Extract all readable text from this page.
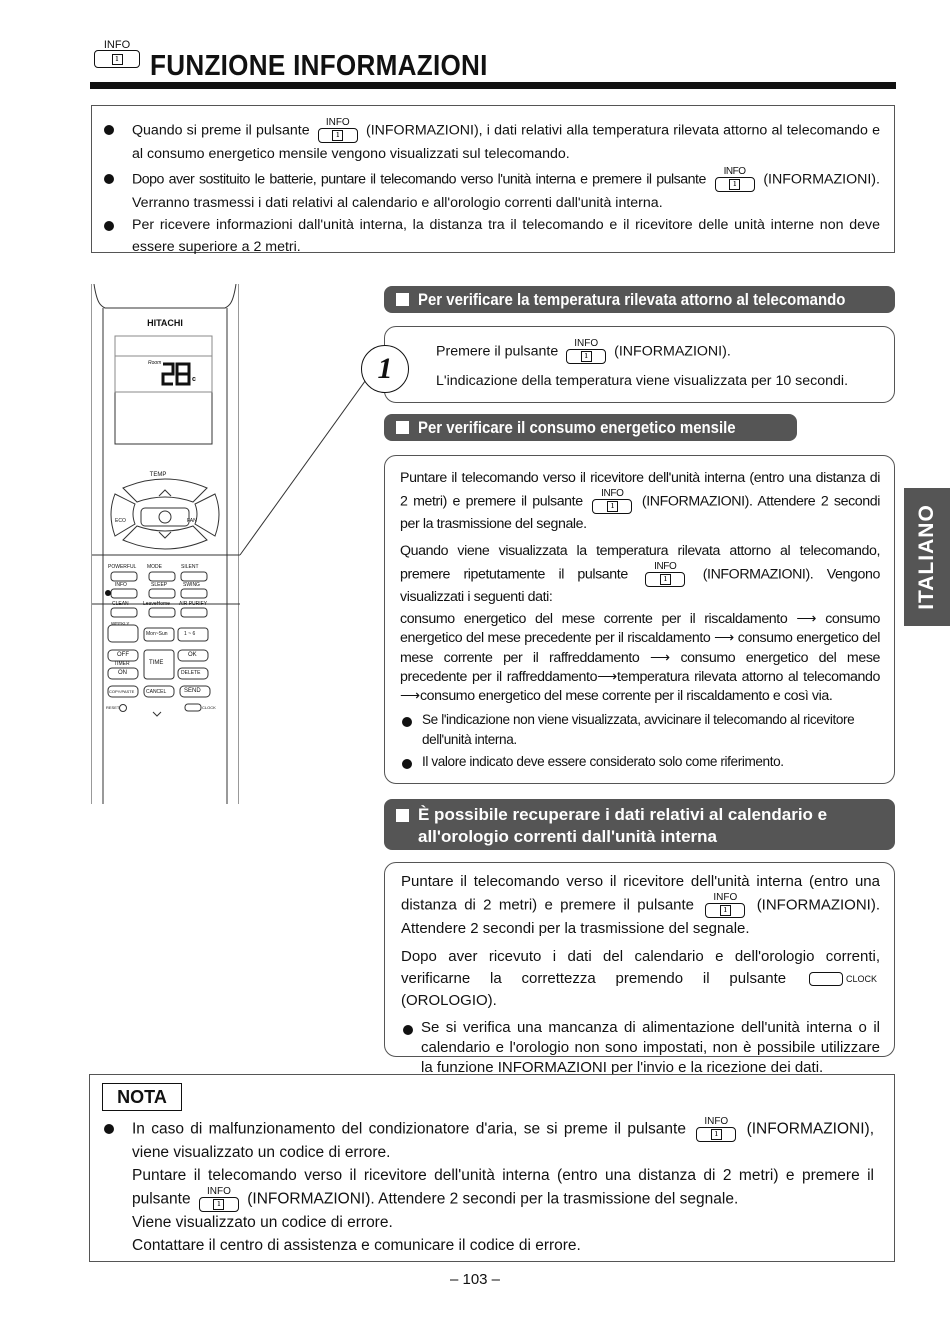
INFO
i FUNZIONE INFORMAZIONI
Quando si preme il pulsante INFO
i (INFORMAZIONI), i dati relativi alla temperatura rilevata attorno al telecomando e al consumo energetico mensile vengono visualizzati sul telecomando.
Dopo aver sostituito le batterie, puntare il telecomando verso l'unità interna e premere il pulsante INFO
i	(INFORMAZIONI). Verranno trasmessi i dati relativi al calendario e all'orologio correnti dall'unità interna.
Per ricevere informazioni dall'unità interna, la distanza tra il telecomando e il ricevitore delle unità interne non deve essere superiore a 2 metri.
HITACHI
Room
c
TEMP
ECO	FAN
POWERFUL MODE	SILENT
INFO	SLEEP	SWING
CLEAN	LeaveHome AIR PURIFY
WEEKLY
Mon~Sun	1 ~ 6
OFF
TIMER
ON
TIME
OK
DELETE
COPY/PASTE CANCEL	SEND
RESET	CLOCK
Per verificare la temperatura rilevata attorno al telecomando
Premere il pulsante INFO
i (INFORMAZIONI).
L'indicazione della temperatura viene visualizzata per 10 secondi.
1
Per verificare il consumo energetico mensile
Puntare il telecomando verso il ricevitore dell'unità interna (entro una distanza di 2 metri) e premere il pulsante INFO
i	(INFORMAZIONI). Attendere 2 secondi per la trasmissione del segnale.
Quando viene visualizzata la temperatura rilevata attorno al telecomando, premere ripetutamente il pulsante	INFO
i	(INFORMAZIONI). Vengono visualizzati i seguenti dati:
consumo energetico del mese corrente per il riscaldamento ⟶ consumo energetico del mese precedente per il riscaldamento ⟶ consumo energetico del mese corrente per il raffreddamento ⟶ consumo energetico del mese precedente per il raffreddamento⟶temperatura rilevata attorno al telecomando ⟶consumo energetico del mese corrente per il riscaldamento e così via.
Se l'indicazione non viene visualizzata, avvicinare il telecomando al ricevitore dell'unità interna.
Il valore indicato deve essere considerato solo come riferimento.
È possibile recuperare i dati relativi al calendario e
all'orologio correnti dall'unità interna
Puntare il telecomando verso il ricevitore dell'unità interna (entro una distanza di 2 metri) e premere il pulsante INFO
i (INFORMAZIONI). Attendere 2 secondi per la trasmissione del segnale.
Dopo aver ricevuto i dati del calendario e dell'orologio correnti, verificarne la correttezza premendo il pulsante	CLOCK
(OROLOGIO).
Se si verifica una mancanza di alimentazione dell'unità interna o il calendario e l'orologio non sono impostati, non è possibile utilizzare la funzione INFORMAZIONI per l'invio e la ricezione dei dati.
ITALIANO
NOTA
In caso di malfunzionamento del condizionatore d'aria, se si preme il pulsante INFO
i (INFORMAZIONI), viene visualizzato un codice di errore.
Puntare il telecomando verso il ricevitore dell'unità interna (entro una distanza di 2 metri) e premere il pulsante INFO
i (INFORMAZIONI). Attendere 2 secondi per la trasmissione del segnale.
Viene visualizzato un codice di errore.
Contattare il centro di assistenza e comunicare il codice di errore.
– 103 –
